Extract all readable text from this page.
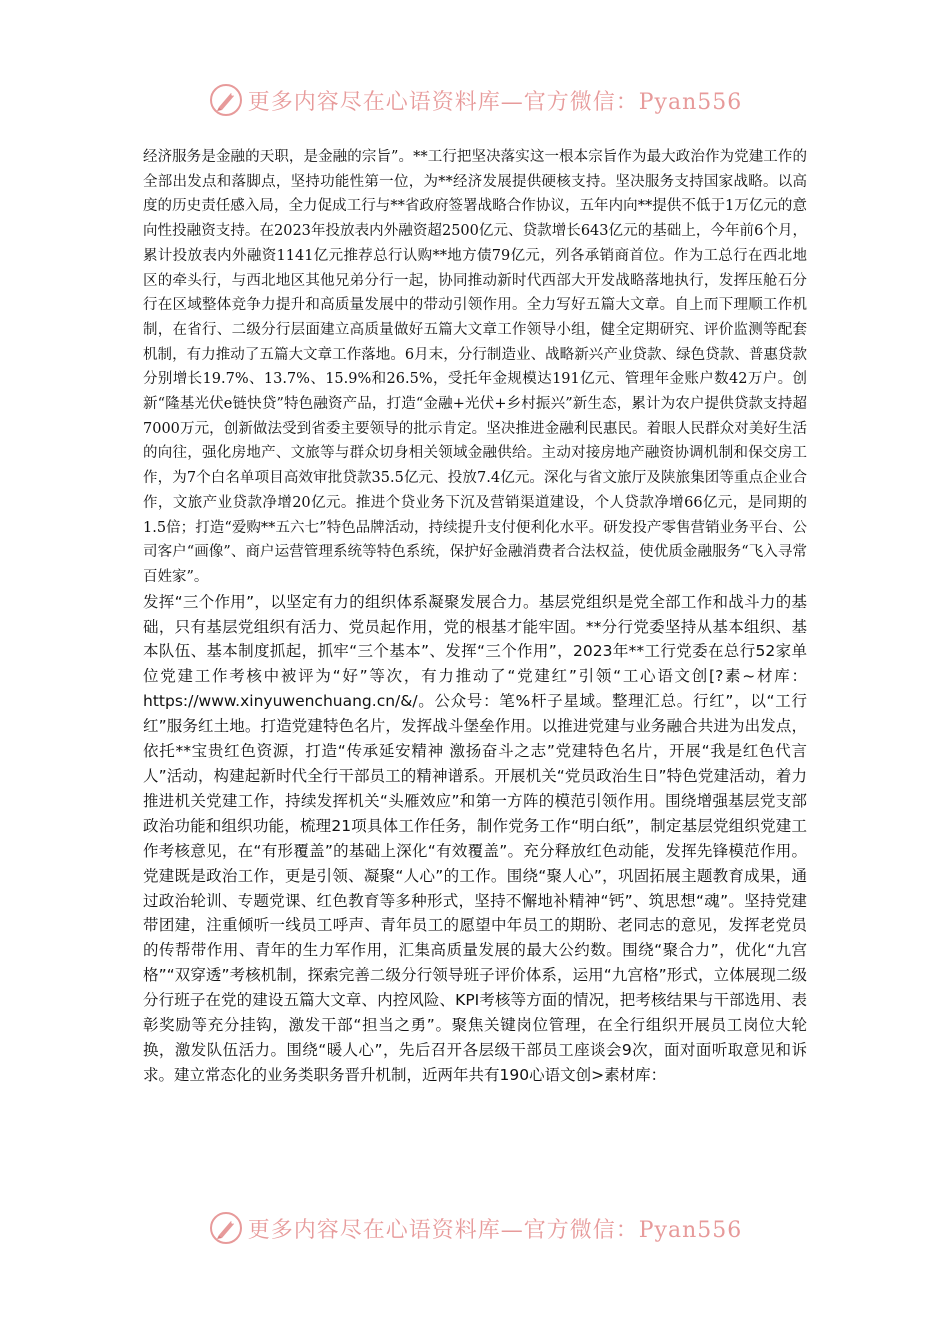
更多内容尽在心语资料库—官方微信：Pyan556

经济服务是金融的天职，是金融的宗旨”。**工行把坚决落实这一根本宗旨作为最大政治作为党建工作的全部出发点和落脚点，坚持功能性第一位，为**经济发展提供硬核支持。坚决服务支持国家战略。以高度的历史责任感入局，全力促成工行与**省政府签署战略合作协议，五年内向**提供不低于1万亿元的意向性投融资支持。在2023年投放表内外融资超2500亿元、贷款增长643亿元的基础上，今年前6个月，累计投放表内外融资1141亿元推荐总行认购**地方债79亿元，列各承销商首位。作为工总行在西北地区的牵头行，与西北地区其他兄弟分行一起，协同推动新时代西部大开发战略落地执行，发挥压舱石分行在区域整体竞争力提升和高质量发展中的带动引领作用。全力写好五篇大文章。自上而下理顺工作机制，在省行、二级分行层面建立高质量做好五篇大文章工作领导小组，健全定期研究、评价监测等配套机制，有力推动了五篇大文章工作落地。6月末，分行制造业、战略新兴产业贷款、绿色贷款、普惠贷款分别增长19.7%、13.7%、15.9%和26.5%，受托年金规模达191亿元、管理年金账户数42万户。创新“隆基光伏e链快贷”特色融资产品，打造“金融+光伏+乡村振兴”新生态，累计为农户提供贷款支持超7000万元，创新做法受到省委主要领导的批示肯定。坚决推进金融利民惠民。着眼人民群众对美好生活的向往，强化房地产、文旅等与群众切身相关领域金融供给。主动对接房地产融资协调机制和保交房工作，为7个白名单项目高效审批贷款35.5亿元、投放7.4亿元。深化与省文旅厅及陕旅集团等重点企业合作，文旅产业贷款净增20亿元。推进个贷业务下沉及营销渠道建设，个人贷款净增66亿元，是同期的1.5倍；打造“爱购**五六七”特色品牌活动，持续提升支付便利化水平。研发投产零售营销业务平台、公司客户“画像”、商户运营管理系统等特色系统，保护好金融消费者合法权益，使优质金融服务“飞入寻常百姓家”。

发挥“三个作用”，以坚定有力的组织体系凝聚发展合力。基层党组织是党全部工作和战斗力的基础，只有基层党组织有活力、党员起作用，党的根基才能牢固。**分行党委坚持从基本组织、基本队伍、基本制度抓起，抓牢“三个基本”、发挥“三个作用”，2023年**工行党委在总行52家单位党建工作考核中被评为“好”等次，有力推动了“党建红”引领“工心语文创[?素~材库：https://www.xinyuwenchuang.cn/&/。公众号：笔%杆子星域。整理汇总。行红”，以“工行红”服务红土地。打造党建特色名片，发挥战斗堡垒作用。以推进党建与业务融合共进为出发点，依托**宝贵红色资源，打造“传承延安精神 激扬奋斗之志”党建特色名片，开展“我是红色代言人”活动，构建起新时代全行干部员工的精神谱系。开展机关“党员政治生日”特色党建活动，着力推进机关党建工作，持续发挥机关“头雁效应”和第一方阵的模范引领作用。围绕增强基层党支部政治功能和组织功能，梳理21项具体工作任务，制作党务工作“明白纸”，制定基层党组织党建工作考核意见，在“有形覆盖”的基础上深化“有效覆盖”。充分释放红色动能，发挥先锋模范作用。党建既是政治工作，更是引领、凝聚“人心”的工作。围绕“聚人心”，巩固拓展主题教育成果，通过政治轮训、专题党课、红色教育等多种形式，坚持不懈地补精神“钙”、筑思想“魂”。坚持党建带团建，注重倾听一线员工呼声、青年员工的愿望中年员工的期盼、老同志的意见，发挥老党员的传帮带作用、青年的生力军作用，汇集高质量发展的最大公约数。围绕“聚合力”，优化“九宫格”“双穿透”考核机制，探索完善二级分行领导班子评价体系，运用“九宫格”形式，立体展现二级分行班子在党的建设五篇大文章、内控风险、KPI考核等方面的情况，把考核结果与干部选用、表彰奖励等充分挂钩，激发干部“担当之勇”。聚焦关键岗位管理，在全行组织开展员工岗位大轮换，激发队伍活力。围绕“暖人心”，先后召开各层级干部员工座谈会9次，面对面听取意见和诉求。建立常态化的业务类职务晋升机制，近两年共有190心语文创>素材库：

更多内容尽在心语资料库—官方微信：Pyan556
